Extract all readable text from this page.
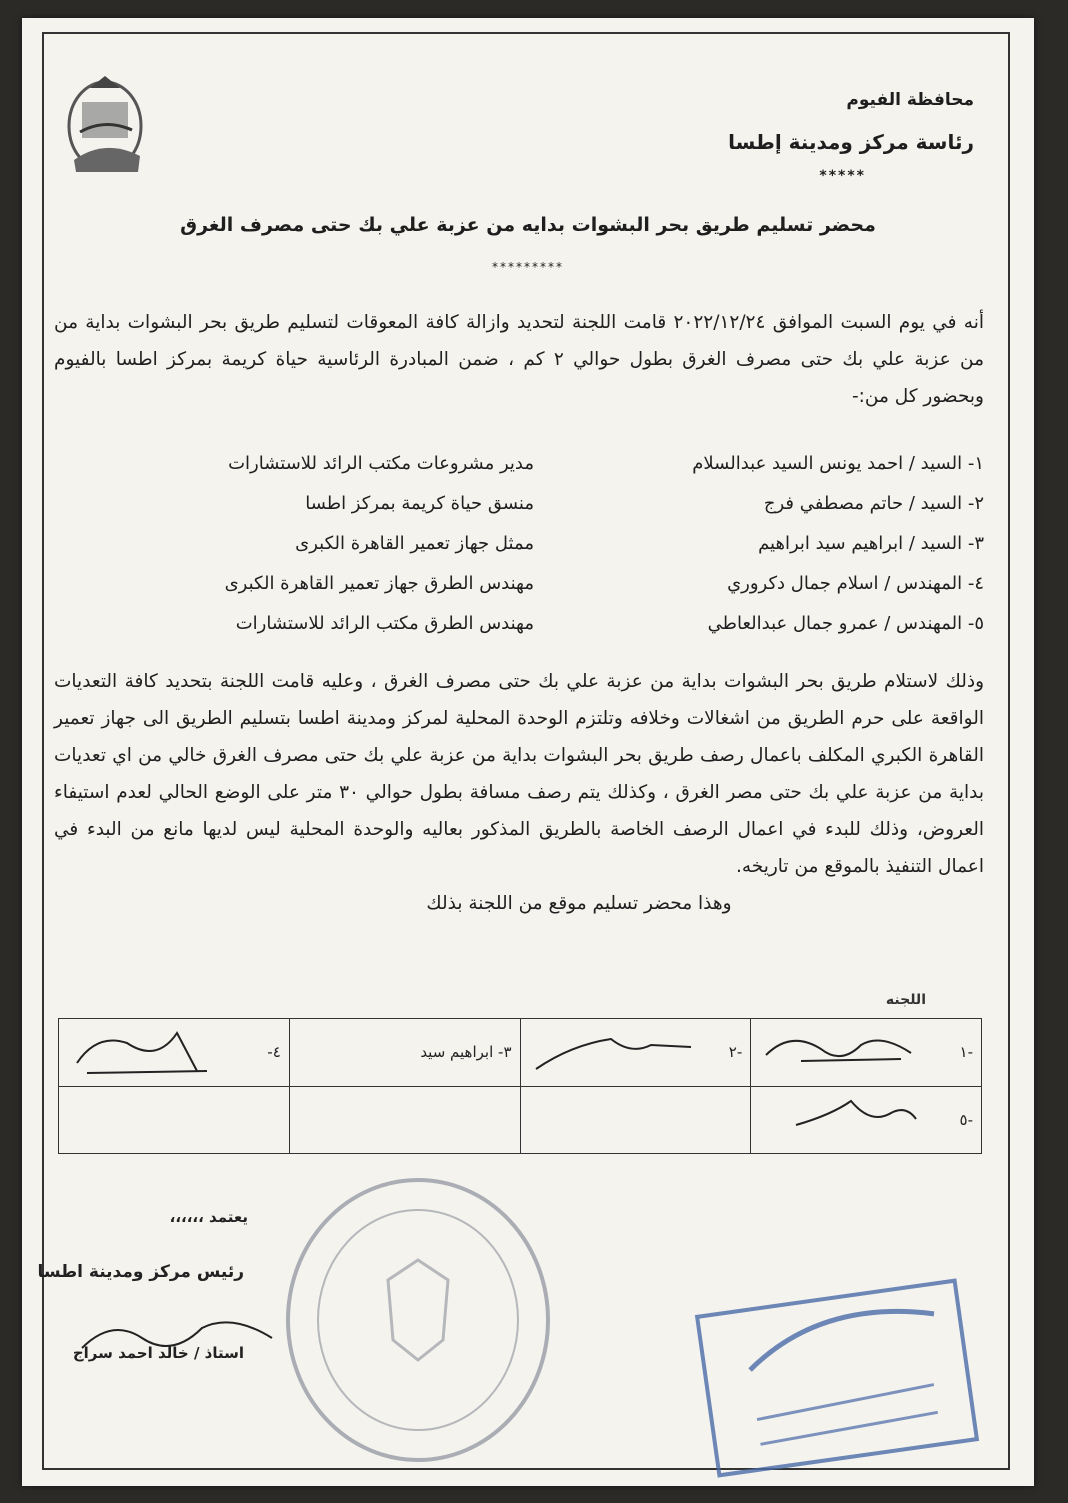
محافظة الفيوم
رئاسة مركز ومدينة إطسا
*****
محضر تسليم طريق بحر البشوات بدايه من عزبة علي بك حتى مصرف الغرق
*********
أنه في يوم السبت الموافق ٢٠٢٢/١٢/٢٤ قامت اللجنة لتحديد وازالة كافة المعوقات لتسليم طريق بحر البشوات بداية من من عزبة علي بك حتى مصرف الغرق بطول حوالي ٢ كم ، ضمن المبادرة الرئاسية حياة كريمة بمركز اطسا بالفيوم وبحضور كل من:-
١- السيد / احمد يونس السيد عبدالسلام
مدير مشروعات مكتب الرائد للاستشارات
٢- السيد / حاتم مصطفي فرج
منسق حياة كريمة بمركز اطسا
٣- السيد / ابراهيم سيد ابراهيم
ممثل جهاز تعمير القاهرة الكبرى
٤- المهندس / اسلام جمال دكروري
مهندس الطرق جهاز تعمير القاهرة الكبرى
٥- المهندس / عمرو جمال عبدالعاطي
مهندس الطرق مكتب الرائد للاستشارات
وذلك لاستلام طريق بحر البشوات بداية من عزبة علي بك حتى مصرف الغرق ، وعليه قامت اللجنة بتحديد كافة التعديات الواقعة على حرم الطريق من اشغالات وخلافه وتلتزم الوحدة المحلية لمركز ومدينة اطسا بتسليم الطريق الى جهاز تعمير القاهرة الكبري المكلف باعمال رصف طريق بحر البشوات بداية من عزبة علي بك حتى مصرف الغرق خالي من اي تعديات بداية من عزبة علي بك حتى مصر الغرق ، وكذلك يتم رصف مسافة بطول حوالي ٣٠ متر على الوضع الحالي لعدم استيفاء العروض، وذلك للبدء في اعمال الرصف الخاصة بالطريق المذكور بعاليه والوحدة المحلية ليس لديها مانع من البدء في اعمال التنفيذ بالموقع من تاريخه.
وهذا محضر تسليم موقع من اللجنة بذلك
اللجنه
-١	-٢	٣- ابراهيم سيد	٤-

-٥

يعتمد ،،،،،،
رئيس مركز ومدينة اطسا
استاذ / خالد احمد سراج
